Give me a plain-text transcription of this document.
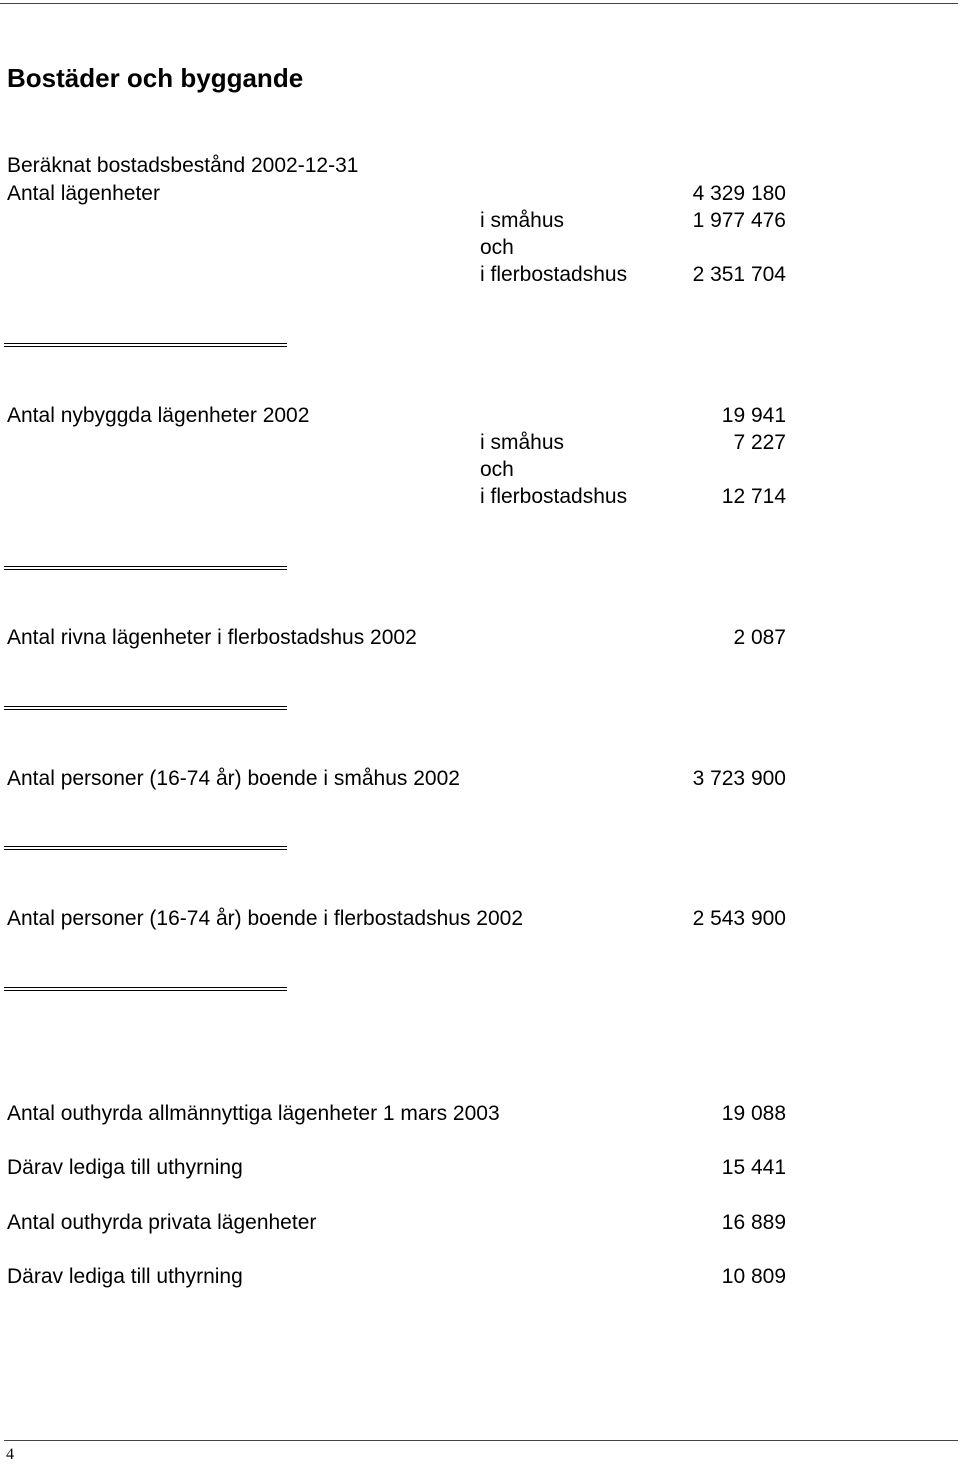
Bostäder och byggande
Beräknat bostadsbestånd 2002-12-31
Antal lägenheter	4 329 180
i småhus	1 977 476
och
i flerbostadshus	2 351 704
Antal nybyggda lägenheter 2002	19 941
i småhus	7 227
och
i flerbostadshus	12 714
Antal rivna lägenheter i flerbostadshus 2002	2 087
Antal personer (16-74 år) boende i småhus 2002	3 723 900
Antal personer (16-74 år) boende i flerbostadshus 2002	2 543 900
Antal outhyrda allmännyttiga lägenheter 1 mars 2003	19 088
Därav lediga till uthyrning	15 441
Antal outhyrda privata lägenheter	16 889
Därav lediga till uthyrning	10 809
4
